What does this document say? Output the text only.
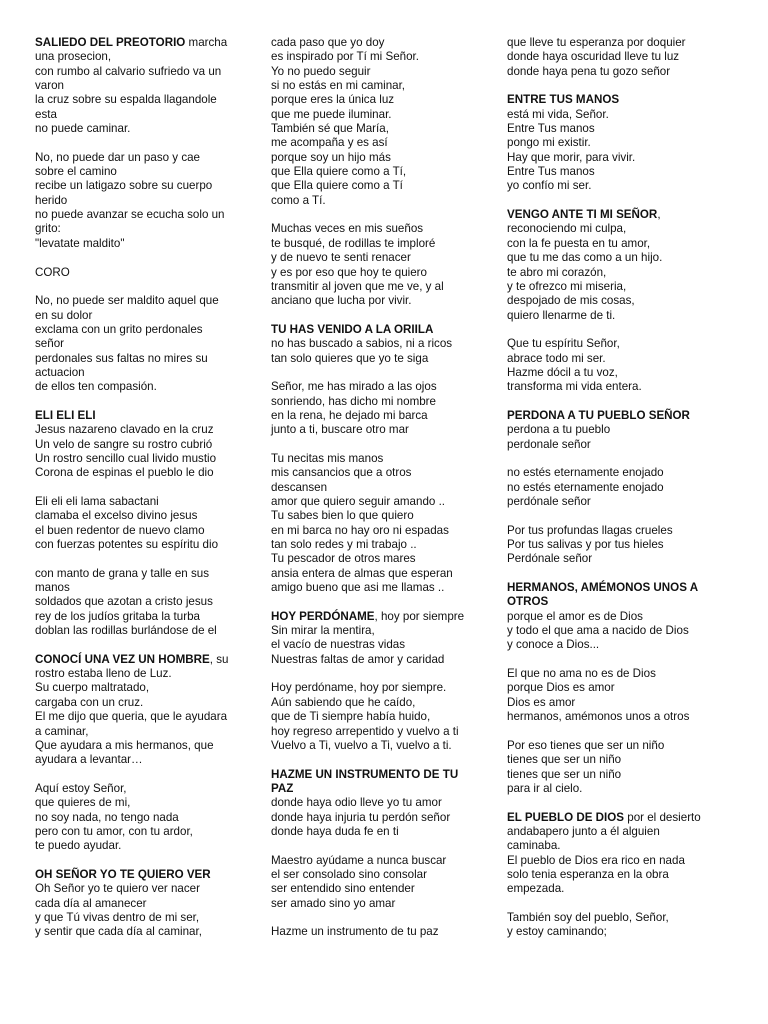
SALIEDO DEL PREOTORIO marcha
una prosecion,
con rumbo al calvario sufriedo va un
varon
la cruz sobre su espalda llagandole
esta
no puede caminar.
No, no puede dar un paso y cae
sobre el camino
recibe un latigazo sobre su cuerpo
herido
no puede avanzar se ecucha solo un
grito:
"levatate maldito"
CORO
No, no puede ser maldito aquel que
en su dolor
exclama con un grito perdonales
señor
perdonales sus faltas no mires su
actuacion
de ellos ten compasión.
ELI ELI ELI
Jesus nazareno clavado en la cruz
Un velo de sangre su rostro cubrió
Un rostro sencillo cual livido mustio
Corona de espinas el pueblo le dio
Eli eli eli lama sabactani
clamaba el excelso divino jesus
el buen redentor de nuevo clamo
con fuerzas potentes su espíritu dio
con manto de grana y talle en sus
manos
soldados que azotan a cristo jesus
rey de los judíos gritaba la turba
doblan las rodillas burlándose de el
CONOCÍ UNA VEZ UN HOMBRE, su
rostro estaba lleno de Luz.
Su cuerpo maltratado,
cargaba con un cruz.
El me dijo que queria, que le ayudara
a caminar,
Que ayudara a mis hermanos, que
ayudara a levantar…
Aquí estoy Señor,
que quieres de mi,
no soy nada, no tengo nada
pero con tu amor, con tu ardor,
te puedo ayudar.
OH SEÑOR YO TE QUIERO VER
Oh Señor yo te quiero ver nacer
cada día al amanecer
y que Tú vivas dentro de mi ser,
y sentir que cada día al caminar,
cada paso que yo doy
es inspirado por Tí mi Señor.
Yo no puedo seguir
si no estás en mi caminar,
porque eres la única luz
que me puede iluminar.
También sé que María,
me acompaña y es así
porque soy un hijo más
que Ella quiere como a Tí,
que Ella quiere como a Tí
como a Tí.
Muchas veces en mis sueños
te busqué, de rodillas te imploré
y de nuevo te senti renacer
y es por eso que hoy te quiero
transmitir al joven que me ve, y al
anciano que lucha por vivir.
TU HAS VENIDO A LA ORIILA
no has buscado a sabios, ni a ricos
tan solo quieres que yo te siga
Señor, me has mirado a las ojos
sonriendo, has dicho mi nombre
en la rena, he dejado mi barca
junto a ti, buscare otro mar
Tu necitas mis manos
mis cansancios que a otros
descansen
amor que quiero seguir amando ..
Tu sabes bien lo que quiero
en mi barca no hay oro ni espadas
tan solo redes y mi trabajo ..
Tu pescador de otros mares
ansia entera de almas que esperan
amigo bueno que asi me llamas ..
HOY PERDÓNAME, hoy por siempre
Sin mirar la mentira,
el vacío de nuestras vidas
Nuestras faltas de amor y caridad
Hoy perdóname, hoy por siempre.
Aún sabiendo que he caído,
que de Ti siempre había huido,
hoy regreso arrepentido y vuelvo a ti
Vuelvo a Ti, vuelvo a Ti, vuelvo a ti.
HAZME UN INSTRUMENTO DE TU
PAZ
donde haya odio lleve yo tu amor
donde haya injuria tu perdón señor
donde haya duda fe en ti
Maestro ayúdame a nunca buscar
el ser consolado sino consolar
ser entendido sino entender
ser amado sino yo amar
Hazme un instrumento de tu paz
que lleve tu esperanza por doquier
donde haya oscuridad lleve tu luz
donde haya pena tu gozo señor
ENTRE TUS MANOS
está mi vida, Señor.
Entre Tus manos
pongo mi existir.
Hay que morir, para vivir.
Entre Tus manos
yo confío mi ser.
VENGO ANTE TI MI SEÑOR,
reconociendo mi culpa,
con la fe puesta en tu amor,
que tu me das como a un hijo.
te abro mi corazón,
y te ofrezco mi miseria,
despojado de mis cosas,
quiero llenarme de ti.
Que tu espíritu Señor,
abrace todo mi ser.
Hazme dócil a tu voz,
transforma mi vida entera.
PERDONA A TU PUEBLO SEÑOR
perdona a tu pueblo
perdonale señor
no estés eternamente enojado
no estés eternamente enojado
perdónale señor
Por tus profundas llagas crueles
Por tus salivas y por tus hieles
Perdónale señor
HERMANOS, AMÉMONOS UNOS A
OTROS
porque el amor es de Dios
y todo el que ama a nacido de Dios
y conoce a Dios...
El que no ama no es de Dios
porque Dios es amor
Dios es amor
hermanos, amémonos unos a otros
Por eso tienes que ser un niño
tienes que ser un niño
tienes que ser un niño
para ir al cielo.
EL PUEBLO DE DIOS por el desierto
andabapero junto a él alguien
caminaba.
El pueblo de Dios era rico en nada
solo tenia esperanza en la obra
empezada.
También soy del pueblo, Señor,
y estoy caminando;
